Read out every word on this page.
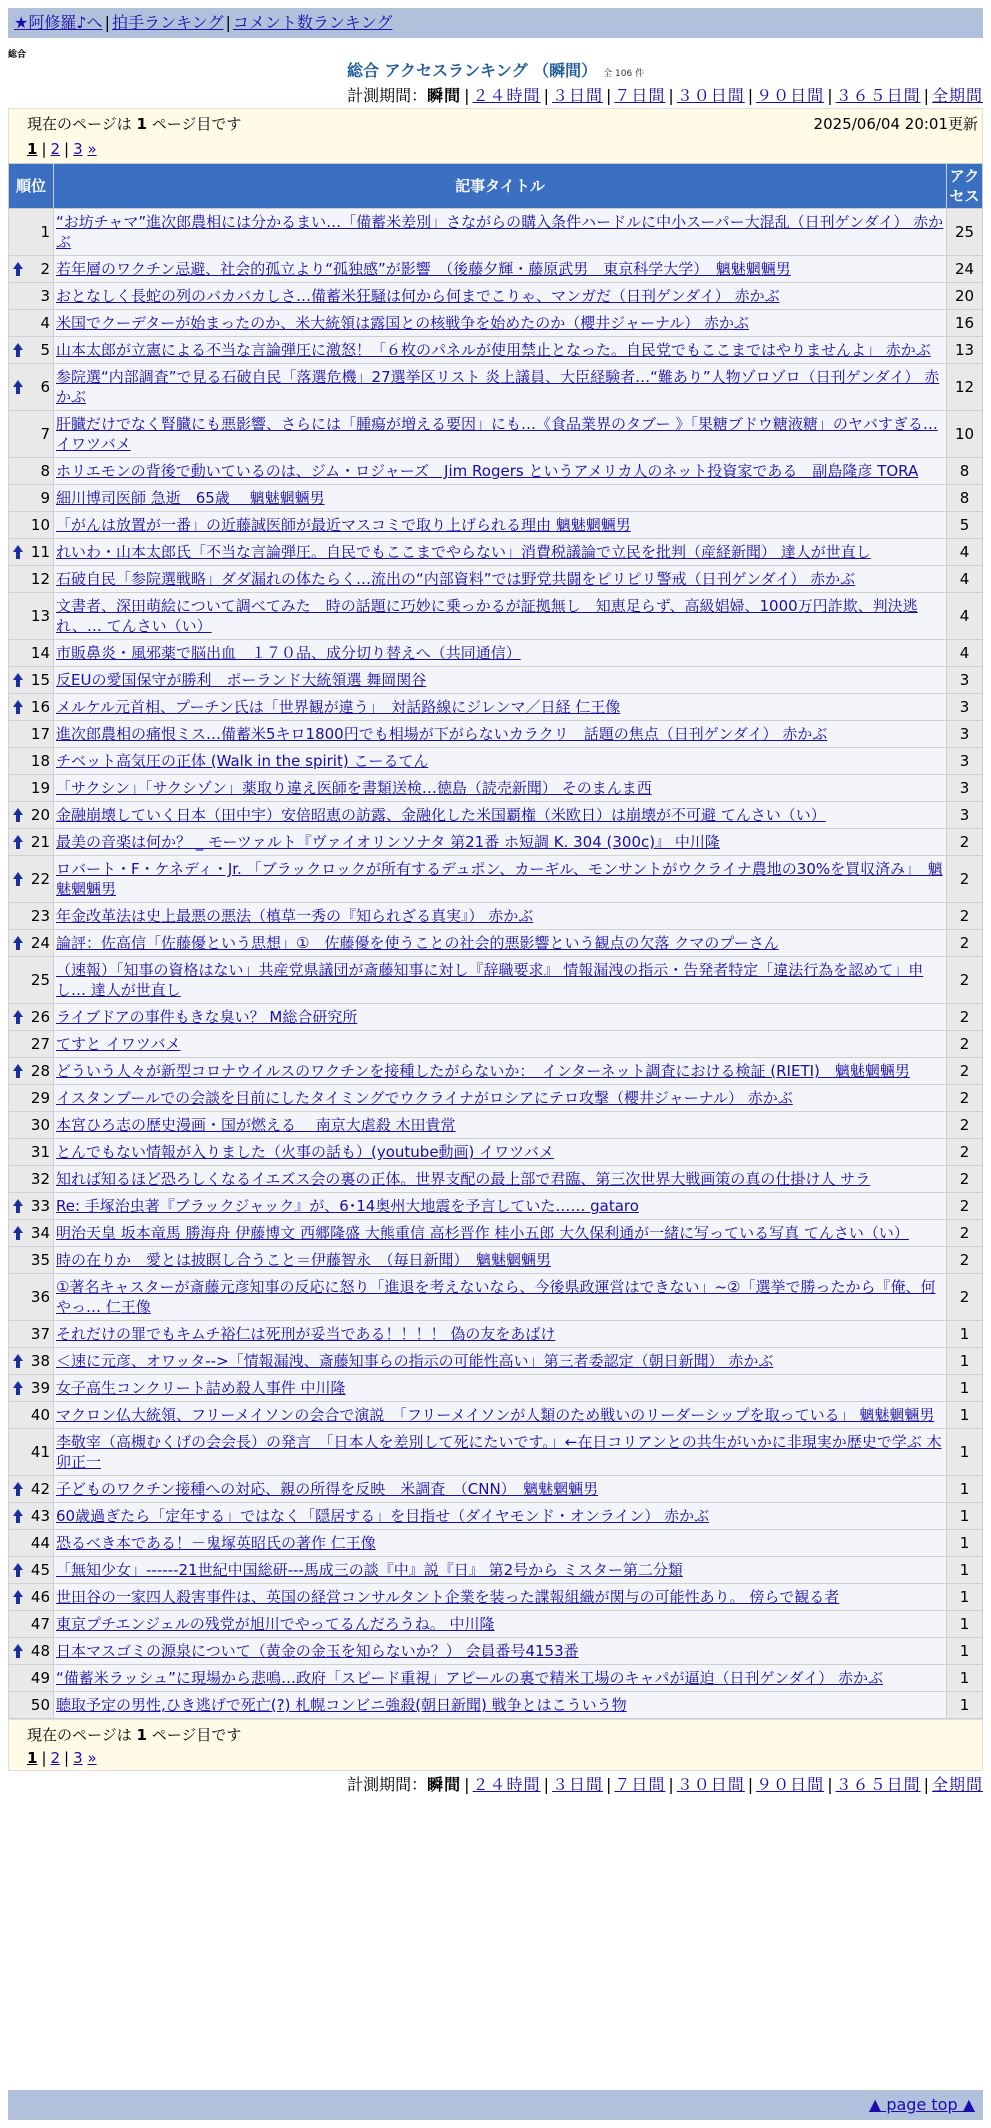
★阿修羅♪へ | 拍手ランキング | コメント数ランキング
総合
総合 アクセスランキング （瞬間） 全 106 件
計測期間：瞬間 | ２４時間 | ３日間 | ７日間 | ３０日間 | ９０日間 | ３６５日間 | 全期間
現在のページは 1 ページ目です	2025/06/04 20:01更新
1 | 2 | 3 »
順位	記事タイトル	アクセス
1	“お坊チャマ”進次郎農相には分かるまい…「備蓄米差別」さながらの購入条件ハードルに中小スーパー大混乱（日刊ゲンダイ） 赤かぶ	25

2	若年層のワクチン忌避、社会的孤立より“孤独感”が影響　（後藤夕輝・藤原武男　東京科学大学）　魑魅魍魎男	24
3	おとなしく長蛇の列のバカバカしさ…備蓄米狂騒は何から何までこりゃ、マンガだ（日刊ゲンダイ） 赤かぶ	20
4	米国でクーデターが始まったのか、米大統領は露国との核戦争を始めたのか（櫻井ジャーナル） 赤かぶ	16

5	山本太郎が立憲による不当な言論弾圧に激怒！「６枚のパネルが使用禁止となった。自民党でもここまではやりませんよ」 赤かぶ	13

6	参院選“内部調査”で見る石破自民「落選危機」27選挙区リスト 炎上議員、大臣経験者…“難あり”人物ゾロゾロ（日刊ゲンダイ） 赤かぶ	12
7	肝臓だけでなく腎臓にも悪影響、さらには「腫瘍が増える要因」にも…《食品業界のタブー 》「果糖ブドウ糖液糖」のヤバすぎる… イワツバメ	10
8	ホリエモンの背後で動いているのは、ジム・ロジャーズ　Jim Rogers というアメリカ人のネット投資家である　副島隆彦 TORA	8
9	細川博司医師 急逝　65歳　 魑魅魍魎男	8
10	「がんは放置が一番」の近藤誠医師が最近マスコミで取り上げられる理由 魑魅魍魎男	5

11	れいわ・山本太郎氏「不当な言論弾圧。自民でもここまでやらない」消費税議論で立民を批判（産経新聞） 達人が世直し	4
12	石破自民「参院選戦略」ダダ漏れの体たらく…流出の“内部資料”では野党共闘をピリピリ警戒（日刊ゲンダイ） 赤かぶ	4
13	文書者、深田萌絵について調べてみた　時の話題に巧妙に乗っかるが証拠無し　知恵足らず、高級娼婦、1000万円詐欺、判決逃れ、… てんさい（い）	4
14	市販鼻炎・風邪薬で脳出血　１７０品、成分切り替えへ（共同通信）	4

15	反EUの愛国保守が勝利　ポーランド大統領選 舞岡関谷	3

16	メルケル元首相、プーチン氏は「世界観が違う」　対話路線にジレンマ／日経 仁王像	3
17	進次郎農相の痛恨ミス…備蓄米5キロ1800円でも相場が下がらないカラクリ　話題の焦点（日刊ゲンダイ） 赤かぶ	3
18	チベット高気圧の正体 (Walk in the spirit) こーるてん	3
19	「サクシン」「サクシゾン」薬取り違え医師を書類送検…徳島（読売新聞） そのまんま西	3

20	金融崩壊していく日本（田中宇）安倍昭恵の訪露、金融化した米国覇権（米欧日）は崩壊が不可避 てんさい（い）	3

21	最美の音楽は何か？ _ モーツァルト『ヴァイオリンソナタ 第21番 ホ短調 K. 304 (300c)』 中川隆	2

22	ロバート・F・ケネディ・Jr. 「ブラックロックが所有するデュポン、カーギル、モンサントがウクライナ農地の30%を買収済み」　魑魅魍魎男	2
23	年金改革法は史上最悪の悪法（槙草一秀の『知られざる真実』） 赤かぶ	2

24	論評：佐高信「佐藤優という思想」①　佐藤優を使うことの社会的悪影響という観点の欠落 クマのプーさん	2
25	（速報）「知事の資格はない」共産党県議団が斎藤知事に対し『辞職要求』 情報漏洩の指示・告発者特定「違法行為を認めて」申し… 達人が世直し	2

26	ライブドアの事件もきな臭い？ M総合研究所	2
27	てすと イワツバメ	2

28	どういう人々が新型コロナウイルスのワクチンを接種したがらないか：　インターネット調査における検証 (RIETI)　魑魅魍魎男	2
29	イスタンブールでの会談を目前にしたタイミングでウクライナがロシアにテロ攻撃（櫻井ジャーナル） 赤かぶ	2
30	本宮ひろ志の歴史漫画・国が燃える　 南京大虐殺 木田貴常	2
31	とんでもない情報が入りました（火事の話も）(youtube動画) イワツバメ	2
32	知れば知るほど恐ろしくなるイエズス会の裏の正体。世界支配の最上部で君臨、第三次世界大戦画策の真の仕掛け人 サラ	2

33	Re: 手塚治虫著『ブラックジャック』が、6･14奥州大地震を予言していた…… gataro	2

34	明治天皇 坂本竜馬 勝海舟 伊藤博文 西郷隆盛 大熊重信 高杉晋作 桂小五郎 大久保利通が一緒に写っている写真 てんさい（い）	2
35	時の在りか　愛とは披瞑し合うこと＝伊藤智永　（毎日新聞）　魑魅魍魎男	2
36	①著名キャスターが斎藤元彦知事の反応に怒り「進退を考えないなら、今後県政運営はできない」~②「選挙で勝ったから『俺、何やっ… 仁王像	2
37	それだけの罪でもキムチ裕仁は死刑が妥当である！！！！ 偽の友をあばけ	1

38	＜速に元彦、オワッタ-->「情報漏洩、斎藤知事らの指示の可能性高い」第三者委認定（朝日新聞） 赤かぶ	1

39	女子高生コンクリート詰め殺人事件 中川隆	1
40	マクロン仏大統領、フリーメイソンの会合で演説　「フリーメイソンが人類のため戦いのリーダーシップを取っている」 魑魅魍魎男	1
41	李敬宰（高槻むくげの会会長）の発言　「日本人を差別して死にたいです。」←在日コリアンとの共生がいかに非現実か歴史で学ぶ 木卯正一	1

42	子どものワクチン接種への対応、親の所得を反映　米調査　（CNN）　魑魅魍魎男	1

43	60歳過ぎたら「定年する」ではなく「隠居する」を目指せ（ダイヤモンド・オンライン） 赤かぶ	1
44	恐るべき本である！－鬼塚英昭氏の著作 仁王像	1

45	「無知少女」------21世紀中国総研---馬成三の談『中』説『日』 第2号から ミスター第二分類	1

46	世田谷の一家四人殺害事件は、英国の経営コンサルタント企業を装った諜報組織が関与の可能性あり。 傍らで観る者	1
47	東京プチエンジェルの残党が旭川でやってるんだろうね。 中川隆	1

48	日本マスゴミの源泉について（黄金の金玉を知らないか？） 会員番号4153番	1
49	“備蓄米ラッシュ”に現場から悲鳴…政府「スピード重視」アピールの裏で精米工場のキャパが逼迫（日刊ゲンダイ） 赤かぶ	1
50	聴取予定の男性,ひき逃げで死亡(?) 札幌コンビニ強殺(朝日新聞) 戦争とはこういう物	1
現在のページは 1 ページ目です
1 | 2 | 3 »
計測期間：瞬間 | ２４時間 | ３日間 | ７日間 | ３０日間 | ９０日間 | ３６５日間 | 全期間
▲ page top ▲
